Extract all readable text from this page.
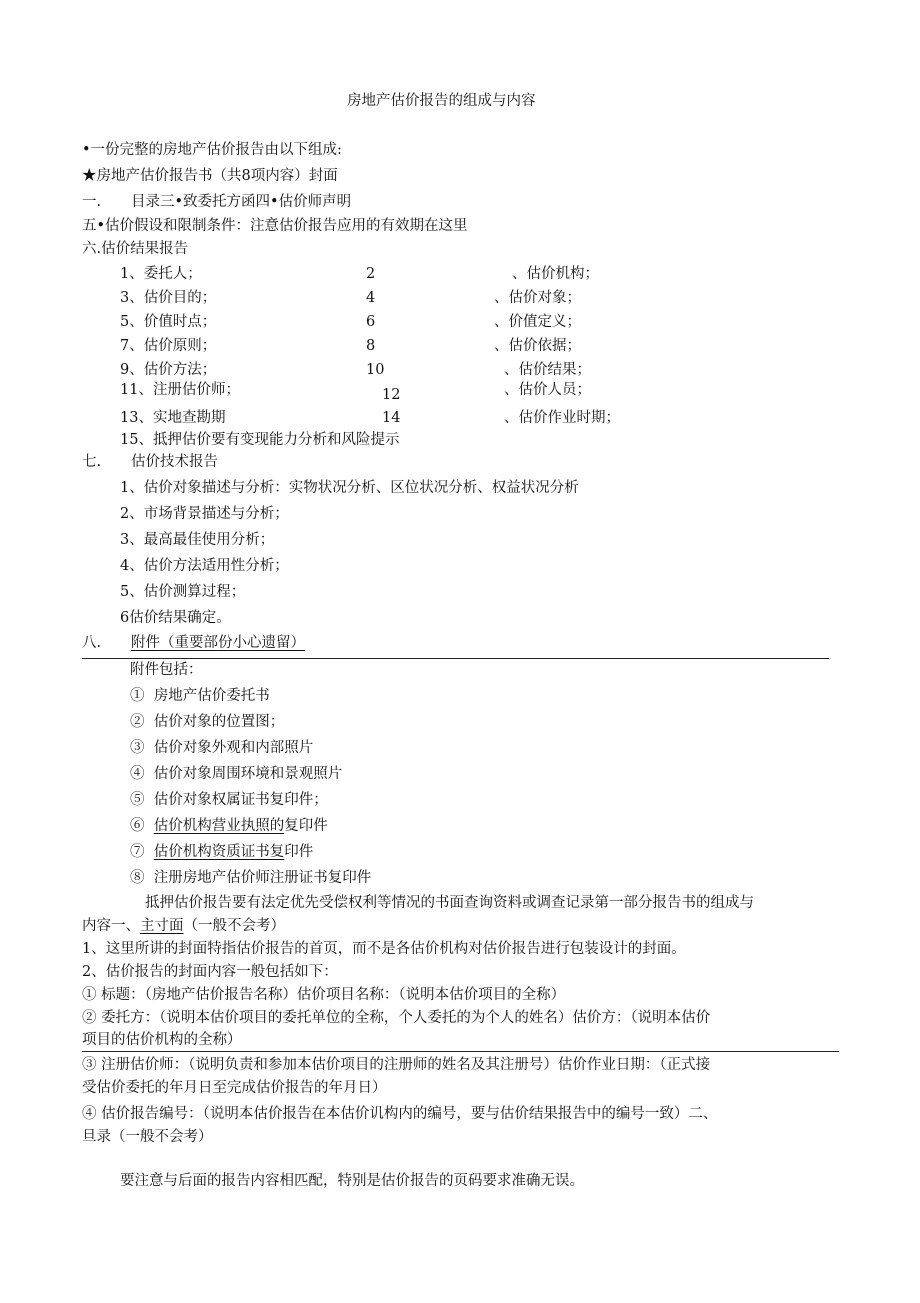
房地产估价报告的组成与内容
•一份完整的房地产估价报告由以下组成:
★房地产估价报告书（共8项内容）封面
一. 目录三•致委托方函四•估价师声明
五•估价假设和限制条件：注意估价报告应用的有效期在这里
六.估价结果报告
1、委托人；	2	、估价机构；
3、估价目的；	4	、估价对象；
5、价值时点；	6	、价值定义；
7、估价原则；	8	、估价依据；
9、估价方法；	10	、估价结果；
11、注册估价师；	12	、估价人员；
13、实地查勘期	14	、估价作业时期；
15、抵押估价要有变现能力分析和风险提示
七. 估价技术报告
1、估价对象描述与分析：实物状况分析、区位状况分析、权益状况分析
2、市场背景描述与分析；
3、最高最佳使用分析；
4、估价方法适用性分析；
5、估价测算过程；
6估价结果确定。
八. 附件（重要部份小心遗留）
附件包括：
① 房地产估价委托书
② 估价对象的位置图；
③ 估价对象外观和内部照片
④ 估价对象周围环境和景观照片
⑤ 估价对象权属证书复印件；
⑥ 估价机构营业执照的复印件
⑦ 估价机构资质证书复印件
⑧ 注册房地产估价师注册证书复印件
抵押估价报告要有法定优先受偿权利等情况的书面查询资料或调查记录第一部分报告书的组成与
内容一、主寸面（一般不会考）
1、这里所讲的封面特指估价报告的首页，而不是各估价机构对估价报告进行包装设计的封面。
2、估价报告的封面内容一般包括如下：
① 标题：（房地产估价报告名称）估价项目名称：（说明本估价项目的全称）
② 委托方：（说明本估价项目的委托单位的全称，个人委托的为个人的姓名）估价方：（说明本估价
项目的估价机构的全称）
③ 注册估价师：（说明负责和参加本估价项目的注册师的姓名及其注册号）估价作业日期：（正式接
受估价委托的年月日至完成估价报告的年月日）
④ 估价报告编号：（说明本估价报告在本估价讥构内的编号，要与估价结果报告中的编号一致）二、
旦录（一般不会考）
要注意与后面的报告内容相匹配，特别是估价报告的页码要求准确无误。
